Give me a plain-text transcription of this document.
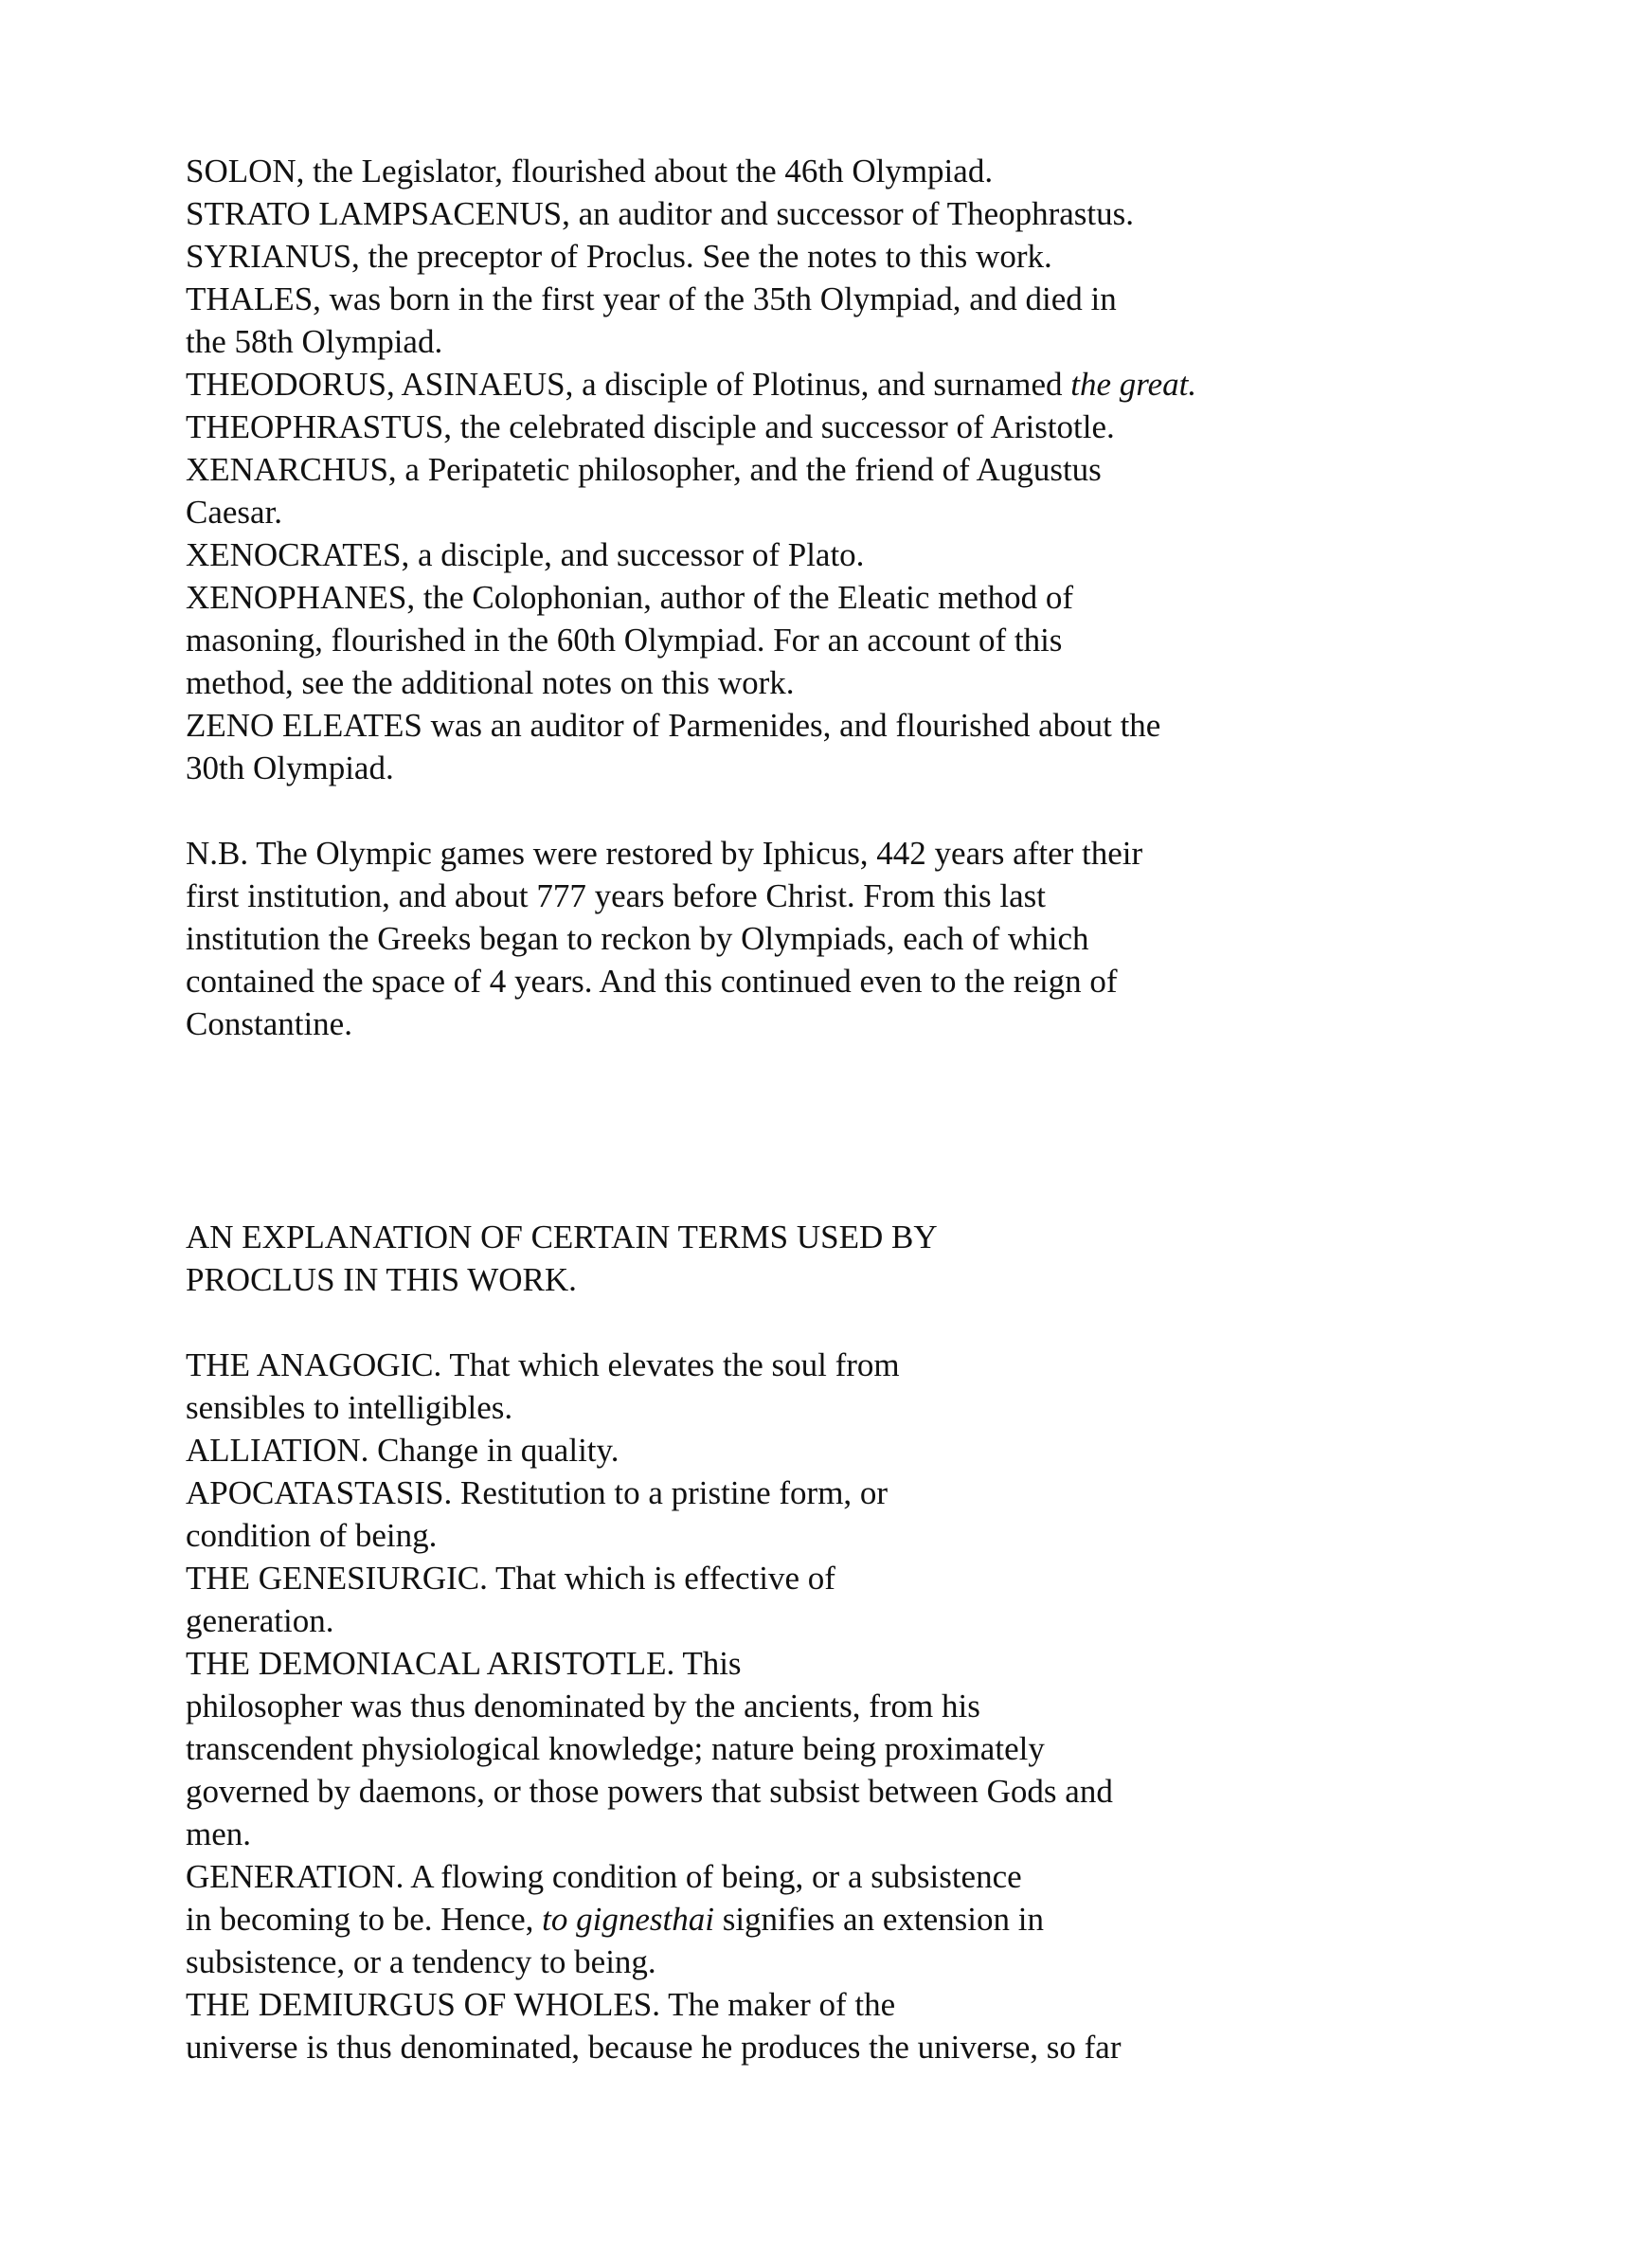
SOLON, the Legislator, flourished about the 46th Olympiad.
STRATO LAMPSACENUS, an auditor and successor of Theophrastus.
SYRIANUS, the preceptor of Proclus. See the notes to this work.
THALES, was born in the first year of the 35th Olympiad, and died in
the 58th Olympiad.
THEODORUS, ASINAEUS, a disciple of Plotinus, and surnamed the great.
THEOPHRASTUS, the celebrated disciple and successor of Aristotle.
XENARCHUS, a Peripatetic philosopher, and the friend of Augustus
Caesar.
XENOCRATES, a disciple, and successor of Plato.
XENOPHANES, the Colophonian, author of the Eleatic method of
masoning, flourished in the 60th Olympiad. For an account of this
method, see the additional notes on this work.
ZENO ELEATES was an auditor of Parmenides, and flourished about the
30th Olympiad.
N.B. The Olympic games were restored by Iphicus, 442 years after their
first institution, and about 777 years before Christ. From this last
institution the Greeks began to reckon by Olympiads, each of which
contained the space of 4 years. And this continued even to the reign of
Constantine.
AN EXPLANATION OF CERTAIN TERMS USED BY
PROCLUS IN THIS WORK.
THE ANAGOGIC. That which elevates the soul from
sensibles to intelligibles.
ALLIATION. Change in quality.
APOCATASTASIS. Restitution to a pristine form, or
condition of being.
THE GENESIURGIC. That which is effective of
generation.
THE DEMONIACAL ARISTOTLE. This
philosopher was thus denominated by the ancients, from his
transcendent physiological knowledge; nature being proximately
governed by daemons, or those powers that subsist between Gods and
men.
GENERATION. A flowing condition of being, or a subsistence
in becoming to be. Hence, to gignesthai signifies an extension in
subsistence, or a tendency to being.
THE DEMIURGUS OF WHOLES. The maker of the
universe is thus denominated, because he produces the universe, so far
